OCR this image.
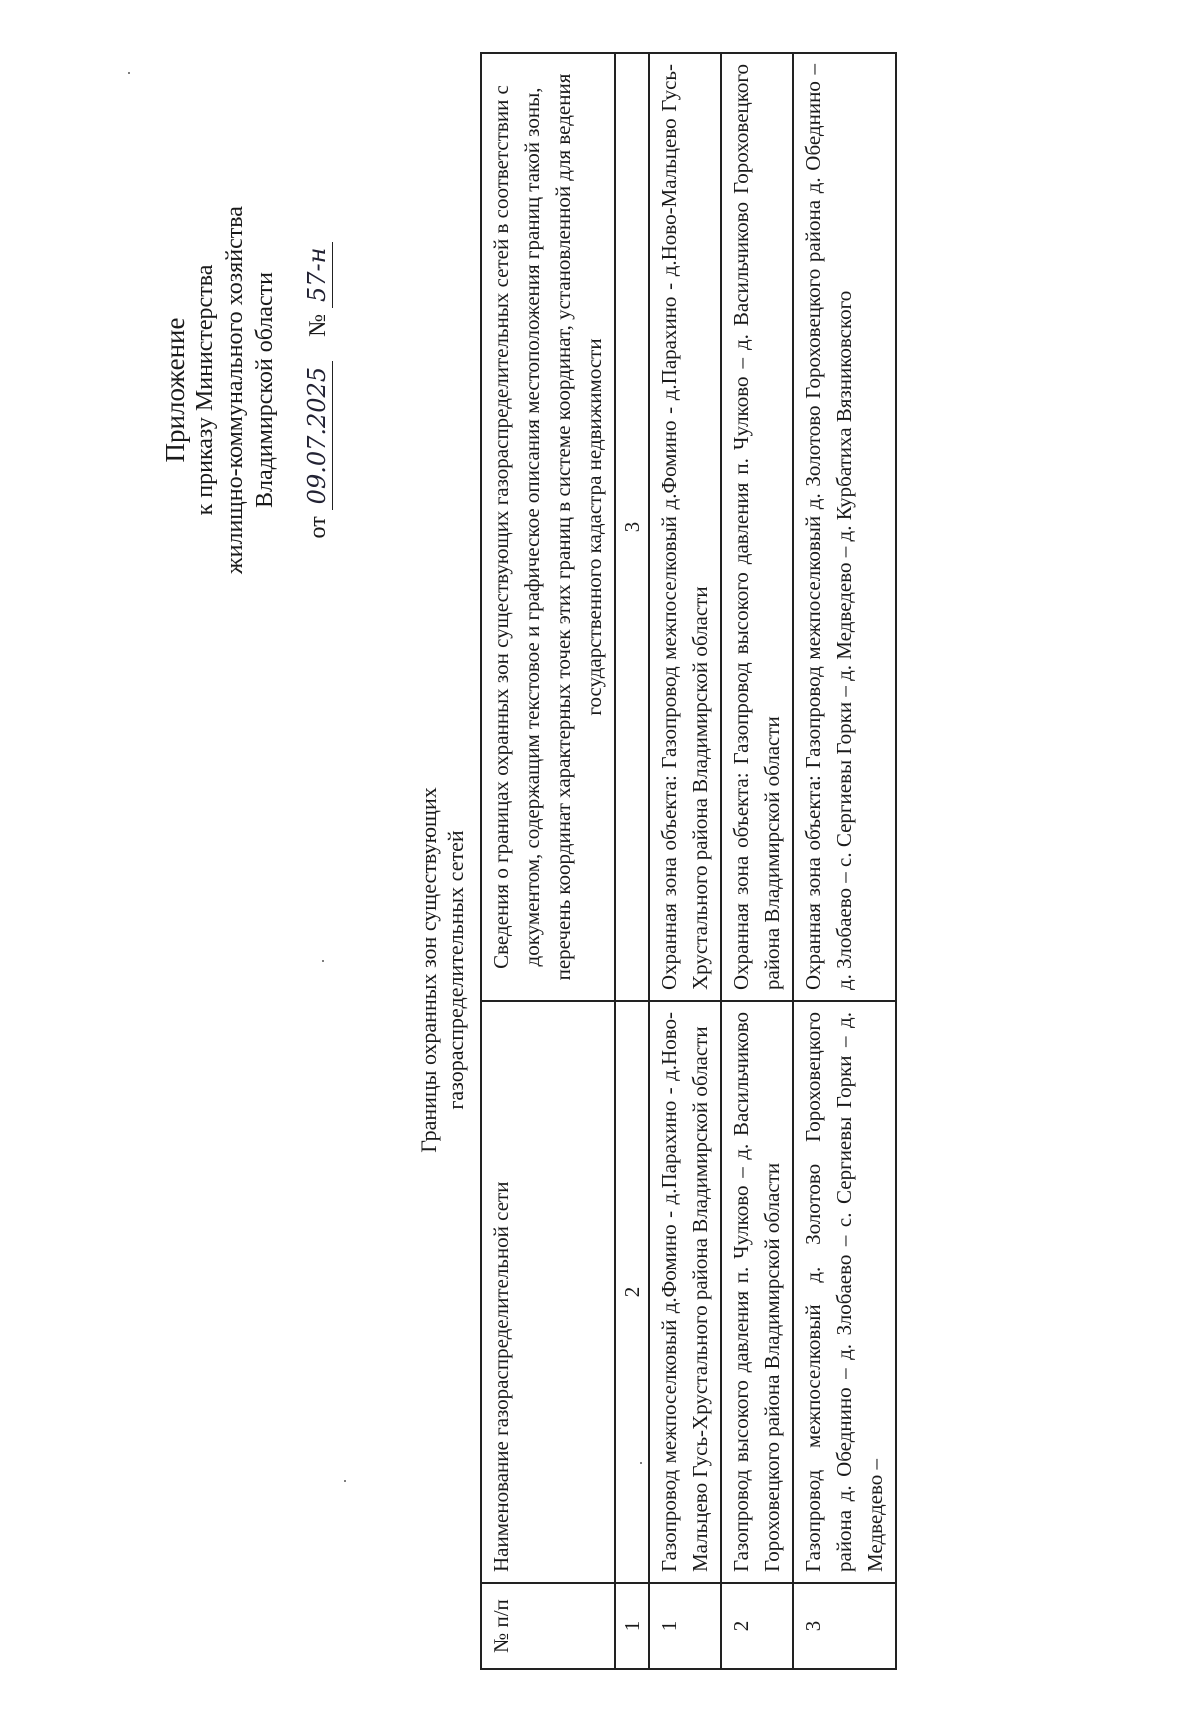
Приложение к приказу Министерства жилищно-коммунального хозяйства Владимирской области
от 09.07.2025    № 57-н
Границы охранных зон существующих газораспределительных сетей
№ п/п	Наименование газораспределительной сети	Сведения о границах охранных зон существующих газораспределительных сетей в соответствии с документом, содержащим текстовое и графическое описания местоположения границ такой зоны, перечень координат характерных точек этих границ в системе координат, установленной для ведения государственного кадастра недвижимости
1	2	3
1	Газопровод межпоселковый д.Фомино - д.Парахино - д.Ново-Мальцево Гусь-Хрустального района Владимирской области	Охранная зона объекта: Газопровод межпоселковый д.Фомино - д.Парахино - д.Ново-Мальцево Гусь-Хрустального района Владимирской области
2	Газопровод высокого давления п. Чулково – д. Васильчиково Гороховецкого района Владимирской области	Охранная зона объекта: Газопровод высокого давления п. Чулково – д. Васильчиково Гороховецкого района Владимирской области
3	Газопровод межпоселковый д. Золотово Гороховецкого района д. Обеднино – д. Злобаево – с. Сергиевы Горки – д. Медведево –	Охранная зона объекта: Газопровод межпоселковый д. Золотово Гороховецкого района д. Обеднино – д. Злобаево – с. Сергиевы Горки – д. Медведево – д. Курбатиха Вязниковского
